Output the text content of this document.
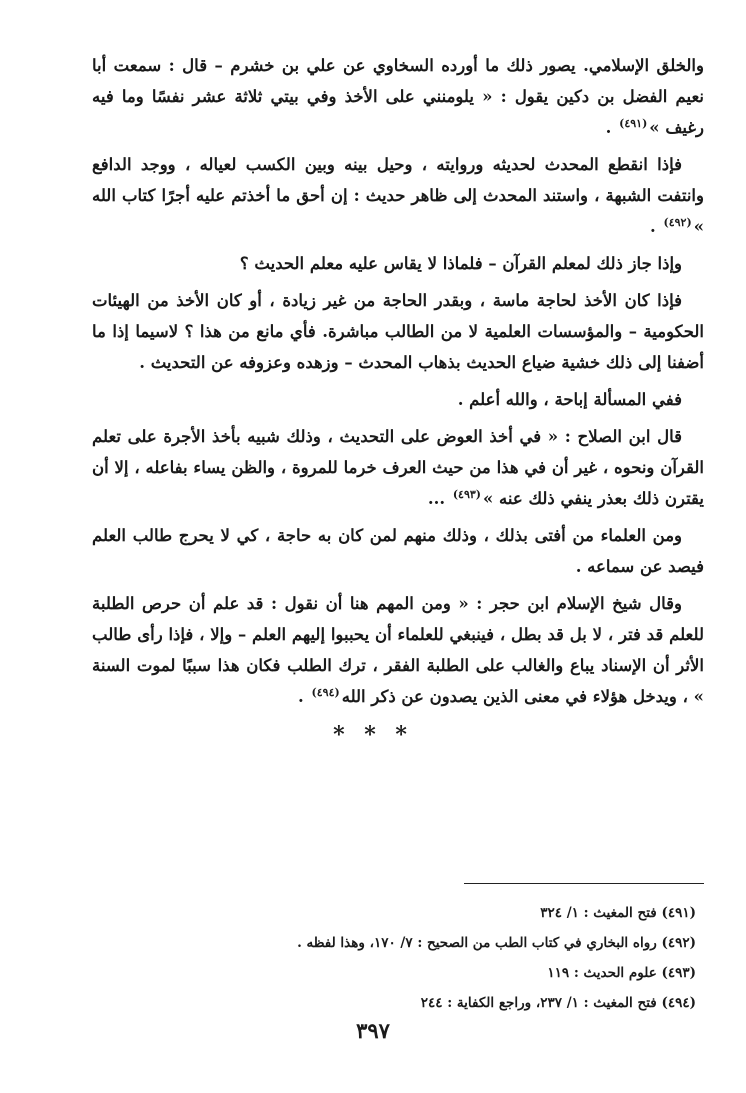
والخلق الإسلامي. يصور ذلك ما أورده السخاوي عن علي بن خشرم – قال : سمعت أبا نعيم الفضل بن دكين يقول : « يلومنني على الأخذ وفي بيتي ثلاثة عشر نفسًا وما فيه رغيف »$^{(٤٩١)}$ .

فإذا انقطع المحدث لحديثه وروايته ، وحيل بينه وبين الكسب لعياله ، ووجد الدافع وانتفت الشبهة ، واستند المحدث إلى ظاهر حديث : إن أحق ما أخذتم عليه أجرًا كتاب الله »$^{(٤٩٢)}$ .

وإذا جاز ذلك لمعلم القرآن – فلماذا لا يقاس عليه معلم الحديث ؟

فإذا كان الأخذ لحاجة ماسة ، وبقدر الحاجة من غير زيادة ، أو كان الأخذ من الهيئات الحكومية – والمؤسسات العلمية لا من الطالب مباشرة. فأي مانع من هذا ؟ لاسيما إذا ما أضفنا إلى ذلك خشية ضياع الحديث بذهاب المحدث – وزهده وعزوفه عن التحديث .

ففي المسألة إباحة ، والله أعلم .

قال ابن الصلاح : « في أخذ العوض على التحديث ، وذلك شبيه بأخذ الأجرة على تعلم القرآن ونحوه ، غير أن في هذا من حيث العرف خرما للمروة ، والظن يساء بفاعله ، إلا أن يقترن ذلك بعذر ينفي ذلك عنه »$^{(٤٩٣)}$ ...

ومن العلماء من أفتى بذلك ، وذلك منهم لمن كان به حاجة ، كي لا يحرج طالب العلم فيصد عن سماعه .

وقال شيخ الإسلام ابن حجر : « ومن المهم هنا أن نقول : قد علم أن حرص الطلبة للعلم قد فتر ، لا بل قد بطل ، فينبغي للعلماء أن يحببوا إليهم العلم – وإلا ، فإذا رأى طالب الأثر أن الإسناد يباع والغالب على الطلبة الفقر ، ترك الطلب فكان هذا سببًا لموت السنة » ، ويدخل هؤلاء في معنى الذين يصدون عن ذكر الله$^{(٤٩٤)}$ .

* * *

(٤٩١) فتح المغيث : ١/ ٣٢٤

(٤٩٢) رواه البخاري في كتاب الطب من الصحيح : ٧/ ١٧٠، وهذا لفظه .

(٤٩٣) علوم الحديث : ١١٩

(٤٩٤) فتح المغيث : ١/ ٢٣٧، وراجع الكفاية : ٢٤٤

٣٩٧
